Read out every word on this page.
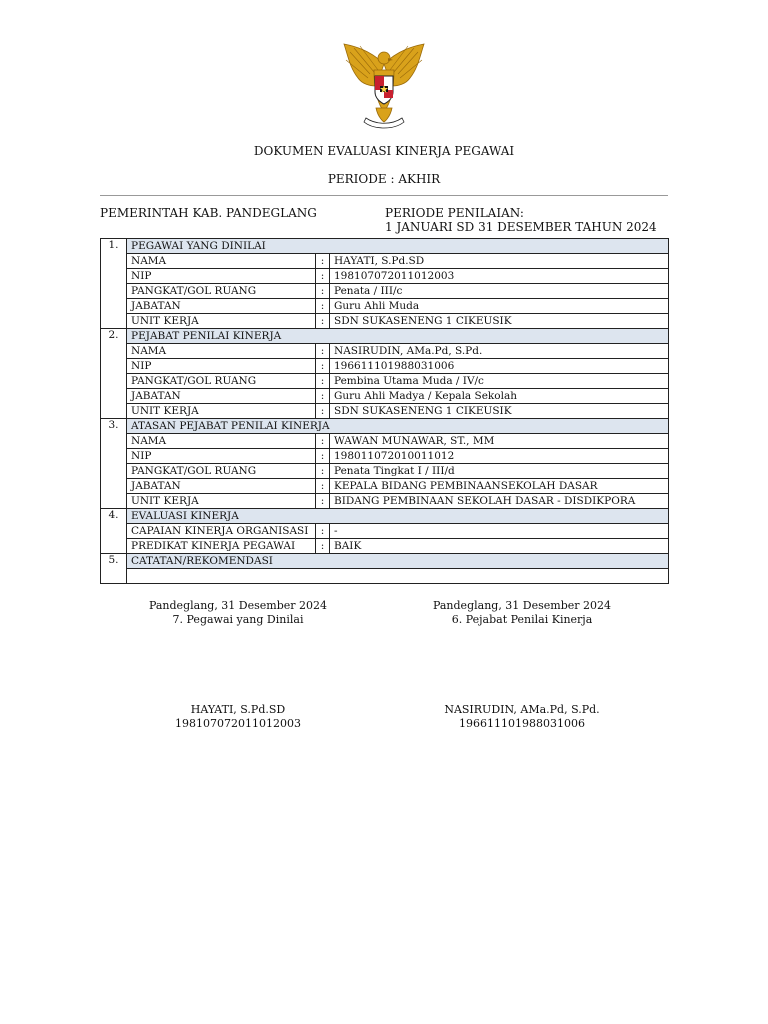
DOKUMEN EVALUASI KINERJA PEGAWAI
PERIODE : AKHIR
PEMERINTAH KAB. PANDEGLANG	PERIODE PENILAIAN:
1 JANUARI SD 31 DESEMBER TAHUN 2024
1.	PEGAWAI YANG DINILAI		
	NAMA	:	HAYATI, S.Pd.SD
	NIP	:	198107072011012003
	PANGKAT/GOL RUANG	:	Penata / III/c
	JABATAN	:	Guru Ahli Muda
	UNIT KERJA	:	SDN SUKASENENG 1 CIKEUSIK
2.	PEJABAT PENILAI KINERJA		
	NAMA	:	NASIRUDIN, AMa.Pd, S.Pd.
	NIP	:	196611101988031006
	PANGKAT/GOL RUANG	:	Pembina Utama Muda / IV/c
	JABATAN	:	Guru Ahli Madya / Kepala Sekolah
	UNIT KERJA	:	SDN SUKASENENG 1 CIKEUSIK
3.	ATASAN PEJABAT PENILAI KINERJA		
	NAMA	:	WAWAN MUNAWAR, ST., MM
	NIP	:	198011072010011012
	PANGKAT/GOL RUANG	:	Penata Tingkat I / III/d
	JABATAN	:	KEPALA BIDANG PEMBINAANSEKOLAH DASAR
	UNIT KERJA	:	BIDANG PEMBINAAN SEKOLAH DASAR - DISDIKPORA
4.	EVALUASI KINERJA		
	CAPAIAN KINERJA ORGANISASI	:	-
	PREDIKAT KINERJA PEGAWAI	:	BAIK
5.	CATATAN/REKOMENDASI		

Pandeglang, 31 Desember 2024
7. Pegawai yang Dinilai
HAYATI, S.Pd.SD
198107072011012003
Pandeglang, 31 Desember 2024
6. Pejabat Penilai Kinerja
NASIRUDIN, AMa.Pd, S.Pd.
196611101988031006
